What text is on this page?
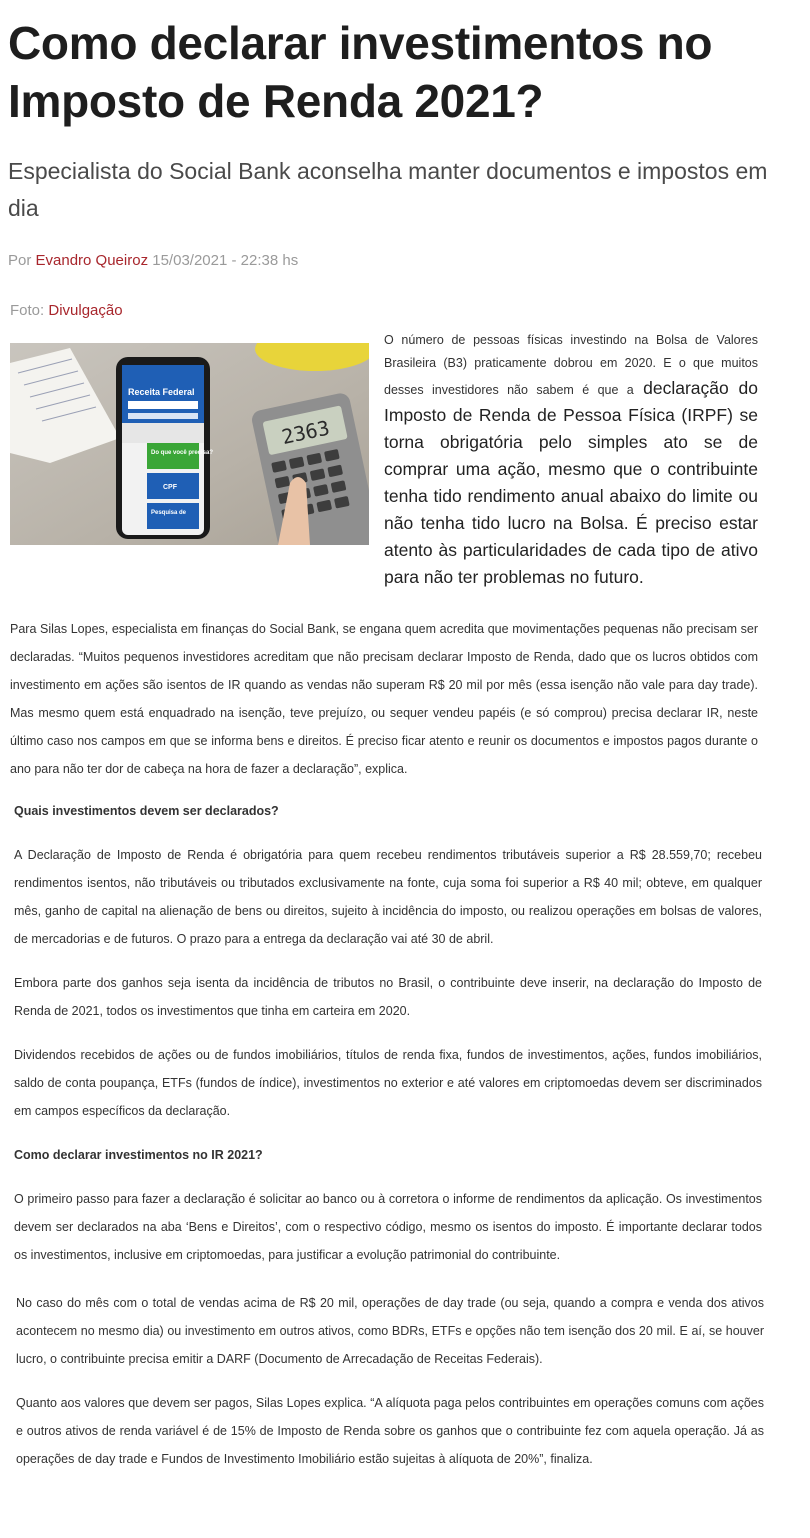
Como declarar investimentos no Imposto de Renda 2021?
Especialista do Social Bank aconselha manter documentos e impostos em dia
Por Evandro Queiroz 15/03/2021 - 22:38 hs
Foto: Divulgação
Receita Federal
Do que você precisa?
CPF
Pesquisa de
2363
O número de pessoas físicas investindo na Bolsa de Valores Brasileira (B3) praticamente dobrou em 2020. E o que muitos desses investidores não sabem é que a declaração do Imposto de Renda de Pessoa Física (IRPF) se torna obrigatória pelo simples ato se de comprar uma ação, mesmo que o contribuinte tenha tido rendimento anual abaixo do limite ou não tenha tido lucro na Bolsa. É preciso estar atento às particularidades de cada tipo de ativo para não ter problemas no futuro.

Para Silas Lopes, especialista em finanças do Social Bank, se engana quem acredita que movimentações pequenas não precisam ser declaradas. “Muitos pequenos investidores acreditam que não precisam declarar Imposto de Renda, dado que os lucros obtidos com investimento em ações são isentos de IR quando as vendas não superam R$ 20 mil por mês (essa isenção não vale para day trade). Mas mesmo quem está enquadrado na isenção, teve prejuízo, ou sequer vendeu papéis (e só comprou) precisa declarar IR, neste último caso nos campos em que se informa bens e direitos. É preciso ficar atento e reunir os documentos e impostos pagos durante o ano para não ter dor de cabeça na hora de fazer a declaração”, explica.

Quais investimentos devem ser declarados?

A Declaração de Imposto de Renda é obrigatória para quem recebeu rendimentos tributáveis superior a R$ 28.559,70; recebeu rendimentos isentos, não tributáveis ou tributados exclusivamente na fonte, cuja soma foi superior a R$ 40 mil; obteve, em qualquer mês, ganho de capital na alienação de bens ou direitos, sujeito à incidência do imposto, ou realizou operações em bolsas de valores, de mercadorias e de futuros. O prazo para a entrega da declaração vai até 30 de abril.

Embora parte dos ganhos seja isenta da incidência de tributos no Brasil, o contribuinte deve inserir, na declaração do Imposto de Renda de 2021, todos os investimentos que tinha em carteira em 2020.

Dividendos recebidos de ações ou de fundos imobiliários, títulos de renda fixa, fundos de investimentos, ações, fundos imobiliários, saldo de conta poupança, ETFs (fundos de índice), investimentos no exterior e até valores em criptomoedas devem ser discriminados em campos específicos da declaração.

Como declarar investimentos no IR 2021?

O primeiro passo para fazer a declaração é solicitar ao banco ou à corretora o informe de rendimentos da aplicação. Os investimentos devem ser declarados na aba ‘Bens e Direitos’, com o respectivo código, mesmo os isentos do imposto. É importante declarar todos os investimentos, inclusive em criptomoedas, para justificar a evolução patrimonial do contribuinte.

No caso do mês com o total de vendas acima de R$ 20 mil, operações de day trade (ou seja, quando a compra e venda dos ativos acontecem no mesmo dia) ou investimento em outros ativos, como BDRs, ETFs e opções não tem isenção dos 20 mil. E aí, se houver lucro, o contribuinte precisa emitir a DARF (Documento de Arrecadação de Receitas Federais).

Quanto aos valores que devem ser pagos, Silas Lopes explica. “A alíquota paga pelos contribuintes em operações comuns com ações e outros ativos de renda variável é de 15% de Imposto de Renda sobre os ganhos que o contribuinte fez com aquela operação. Já as operações de day trade e Fundos de Investimento Imobiliário estão sujeitas à alíquota de 20%”, finaliza.
